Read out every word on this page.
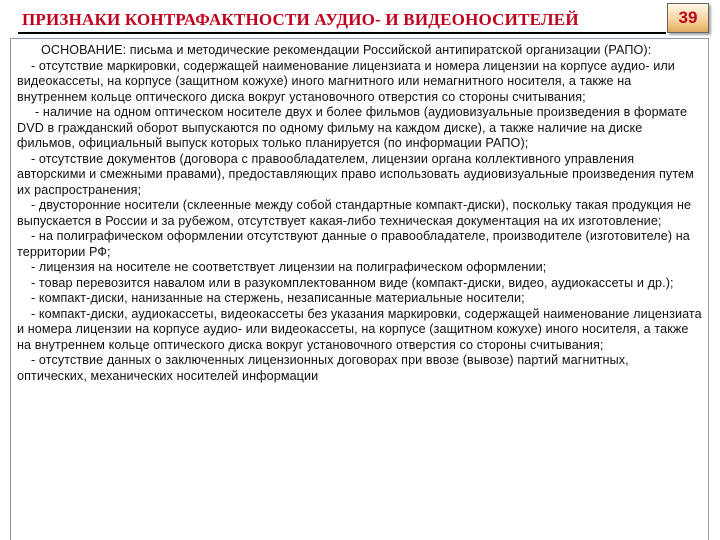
ПРИЗНАКИ КОНТРАФАКТНОСТИ АУДИО- И ВИДЕОНОСИТЕЛЕЙ	39

ОСНОВАНИЕ: письма и методические рекомендации Российской антипиратской организации (РАПО):

- отсутствие маркировки, содержащей наименование лицензиата и номера лицензии на корпусе аудио- или видеокассеты, на корпусе (защитном кожухе) иного магнитного или немагнитного носителя, а также на внутреннем кольце оптического диска вокруг установочного отверстия со стороны считывания;

- наличие на одном оптическом носителе двух и более фильмов (аудиовизуальные произведения в формате DVD в гражданский оборот выпускаются по одному фильму на каждом диске), а также наличие на диске фильмов, официальный выпуск которых только планируется (по информации РАПО);

- отсутствие документов (договора с правообладателем, лицензии органа коллективного управления авторскими и смежными правами), предоставляющих право использовать аудиовизуальные произведения путем их распространения;

- двусторонние носители (склеенные между собой стандартные компакт-диски), поскольку такая продукция не выпускается в России и за рубежом, отсутствует какая-либо техническая документация на их изготовление;

- на полиграфическом оформлении отсутствуют данные о правообладателе, производителе (изготовителе) на территории РФ;

- лицензия на носителе не соответствует лицензии на полиграфическом оформлении;

- товар перевозится навалом или в разукомплектованном виде (компакт-диски, видео, аудиокассеты и др.);

- компакт-диски, нанизанные на стержень, незаписанные материальные носители;

- компакт-диски, аудиокассеты, видеокассеты без указания маркировки, содержащей наименование лицензиата и номера лицензии на корпусе аудио- или видеокассеты, на корпусе (защитном кожухе) иного носителя, а также на внутреннем кольце оптического диска вокруг установочного отверстия со стороны считывания;

- отсутствие данных о заключенных лицензионных договорах при ввозе (вывозе) партий магнитных, оптических, механических носителей информации
